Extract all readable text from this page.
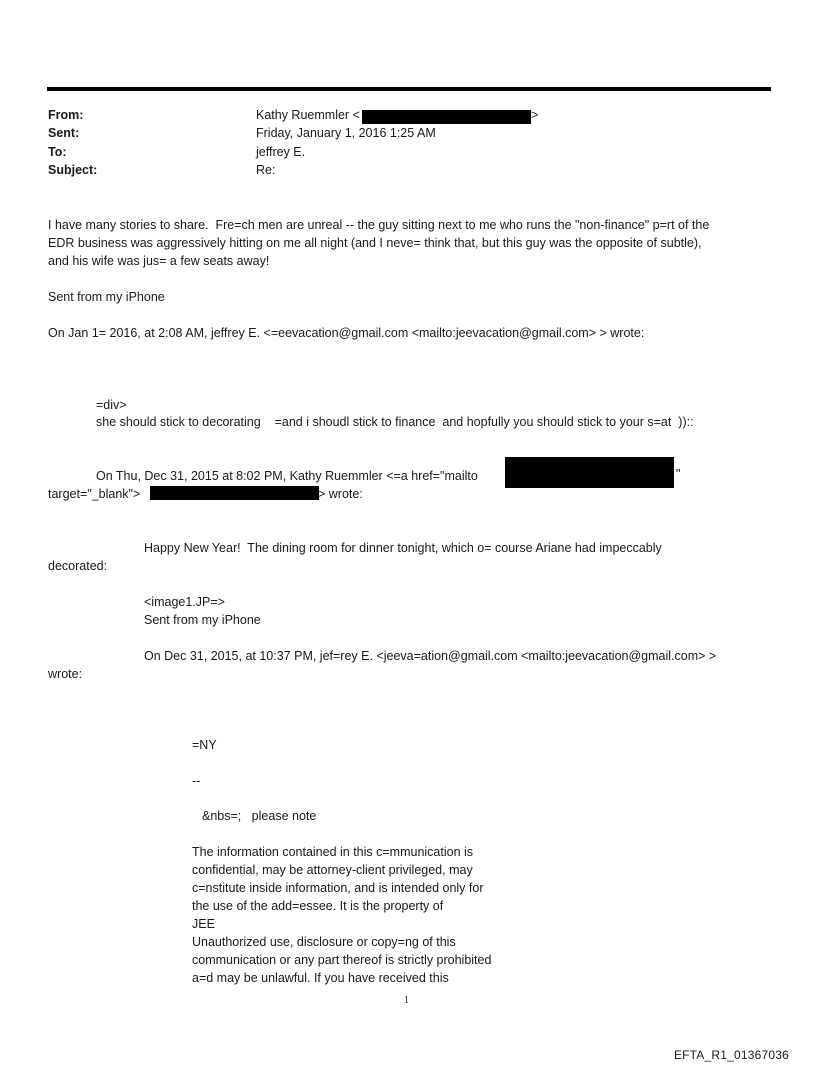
From:	Kathy Ruemmler <	>
Sent:	Friday, January 1, 2016 1:25 AM
To:	jeffrey E.
Subject:	Re:
I have many stories to share.  Fre=ch men are unreal -- the guy sitting next to me who runs the "non-finance" p=rt of the
EDR business was aggressively hitting on me all night (and I neve= think that, but this guy was the opposite of subtle),
and his wife was jus= a few seats away!
Sent from my iPhone
On Jan 1= 2016, at 2:08 AM, jeffrey E. <=eevacation@gmail.com <mailto:jeevacation@gmail.com> > wrote:
=div>
she should stick to decorating    =and i shoudl stick to finance  and hopfully you should stick to your s=at  ))::
On Thu, Dec 31, 2015 at 8:02 PM, Kathy Ruemmler <=a href="mailto	"
target="_blank">	> wrote:
Happy New Year!  The dining room for dinner tonight, which o= course Ariane had impeccably
decorated:
<image1.JP=>
Sent from my iPhone
On Dec 31, 2015, at 10:37 PM, jef=rey E. <jeeva=ation@gmail.com <mailto:jeevacation@gmail.com> >
wrote:
=NY
--
&nbs=;   please note
The information contained in this c=mmunication is
confidential, may be attorney-client privileged, may
c=nstitute inside information, and is intended only for
the use of the add=essee. It is the property of
JEE
Unauthorized use, disclosure or copy=ng of this
communication or any part thereof is strictly prohibited
a=d may be unlawful. If you have received this
1
EFTA_R1_01367036
